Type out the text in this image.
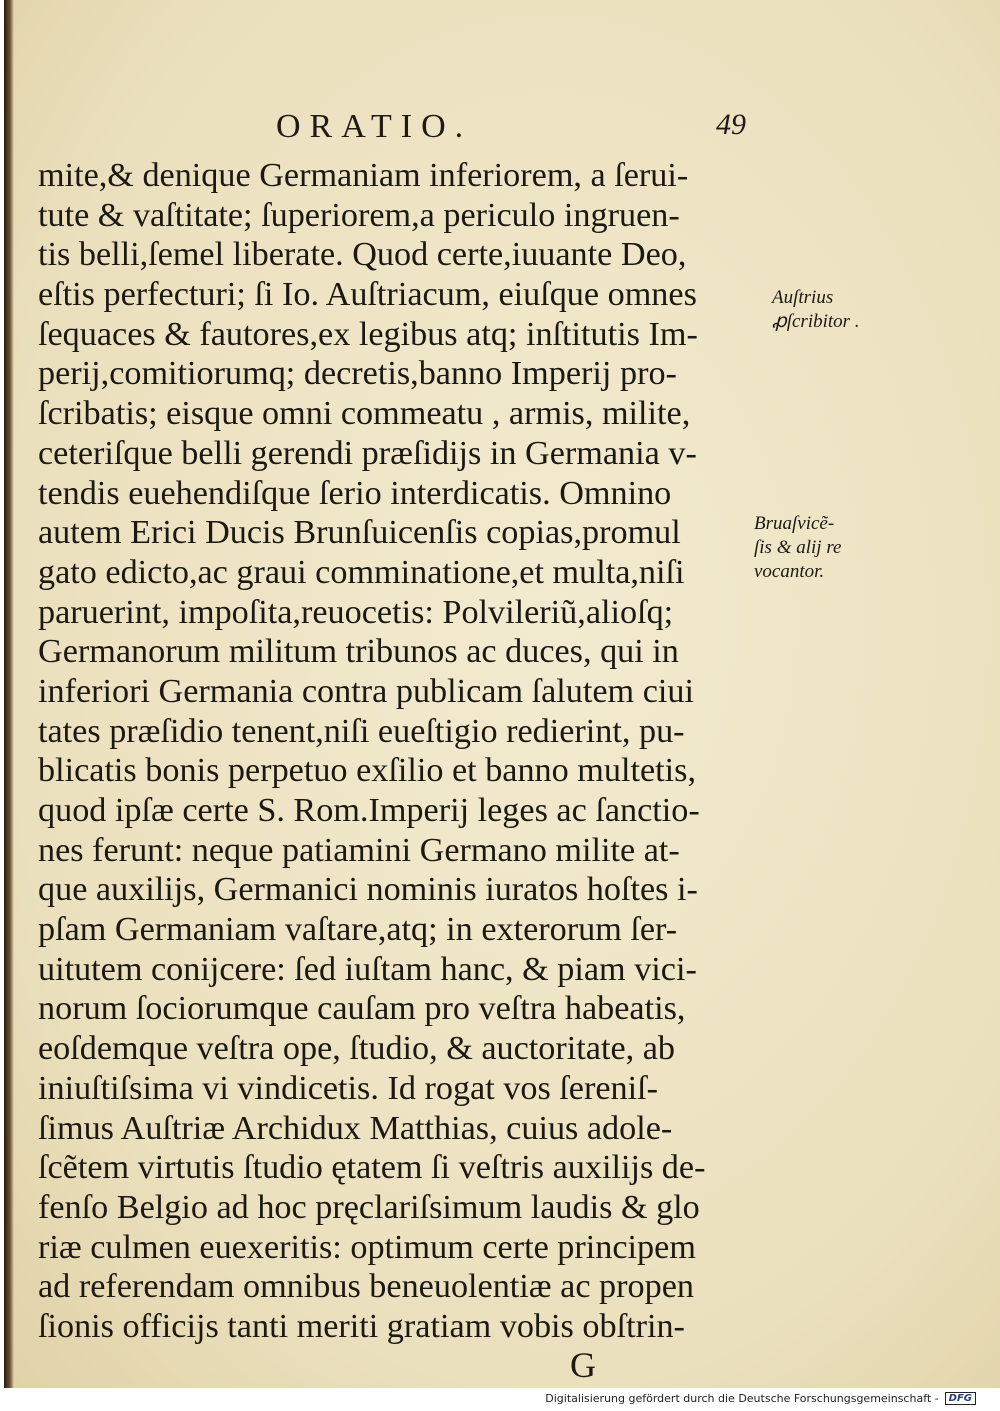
ORATIO.	49
mite,& denique Germaniam inferiorem, a ſerui-
tute & vaſtitate; ſuperiorem,a periculo ingruen-
tis belli,ſemel liberate. Quod certe,iuuante Deo,
eſtis perfecturi; ſi Io. Auſtriacum, eiuſque omnes
ſequaces & fautores,ex legibus atq; inſtitutis Im-
perij,comitiorumq; decretis,banno Imperij pro-
ſcribatis; eisque omni commeatu , armis, milite,
ceteriſque belli gerendi præſidijs in Germania v-
tendis euehendiſque ſerio interdicatis. Omnino
autem Erici Ducis Brunſuicenſis copias,promul
gato edicto,ac graui comminatione,et multa,niſi
paruerint, impoſita,reuocetis: Polvileriũ,alioſq;
Germanorum militum tribunos ac duces, qui in
inferiori Germania contra publicam ſalutem ciui
tates præſidio tenent,niſi eueſtigio redierint, pu-
blicatis bonis perpetuo exſilio et banno multetis,
quod ipſæ certe S. Rom.Imperij leges ac ſanctio-
nes ferunt: neque patiamini Germano milite at-
que auxilijs, Germanici nominis iuratos hoſtes i-
pſam Germaniam vaſtare,atq; in exterorum ſer-
uitutem conijcere: ſed iuſtam hanc, & piam vici-
norum ſociorumque cauſam pro veſtra habeatis,
eoſdemque veſtra ope, ſtudio, & auctoritate, ab
iniuſtiſsima vi vindicetis. Id rogat vos ſereniſ-
ſimus Auſtriæ Archidux Matthias, cuius adole-
ſcẽtem virtutis ſtudio ętatem ſi veſtris auxilijs de-
fenſo Belgio ad hoc pręclariſsimum laudis & glo
riæ culmen euexeritis: optimum certe principem
ad referendam omnibus beneuolentiæ ac propen
ſionis officijs tanti meriti gratiam vobis obſtrin-
Auſtrius
ꝓſcribitor .
Bruaſvicẽ-
ſis & alij re
vocantor.
G
Digitalisierung gefördert durch die Deutsche Forschungsgemeinschaft -	DFG
